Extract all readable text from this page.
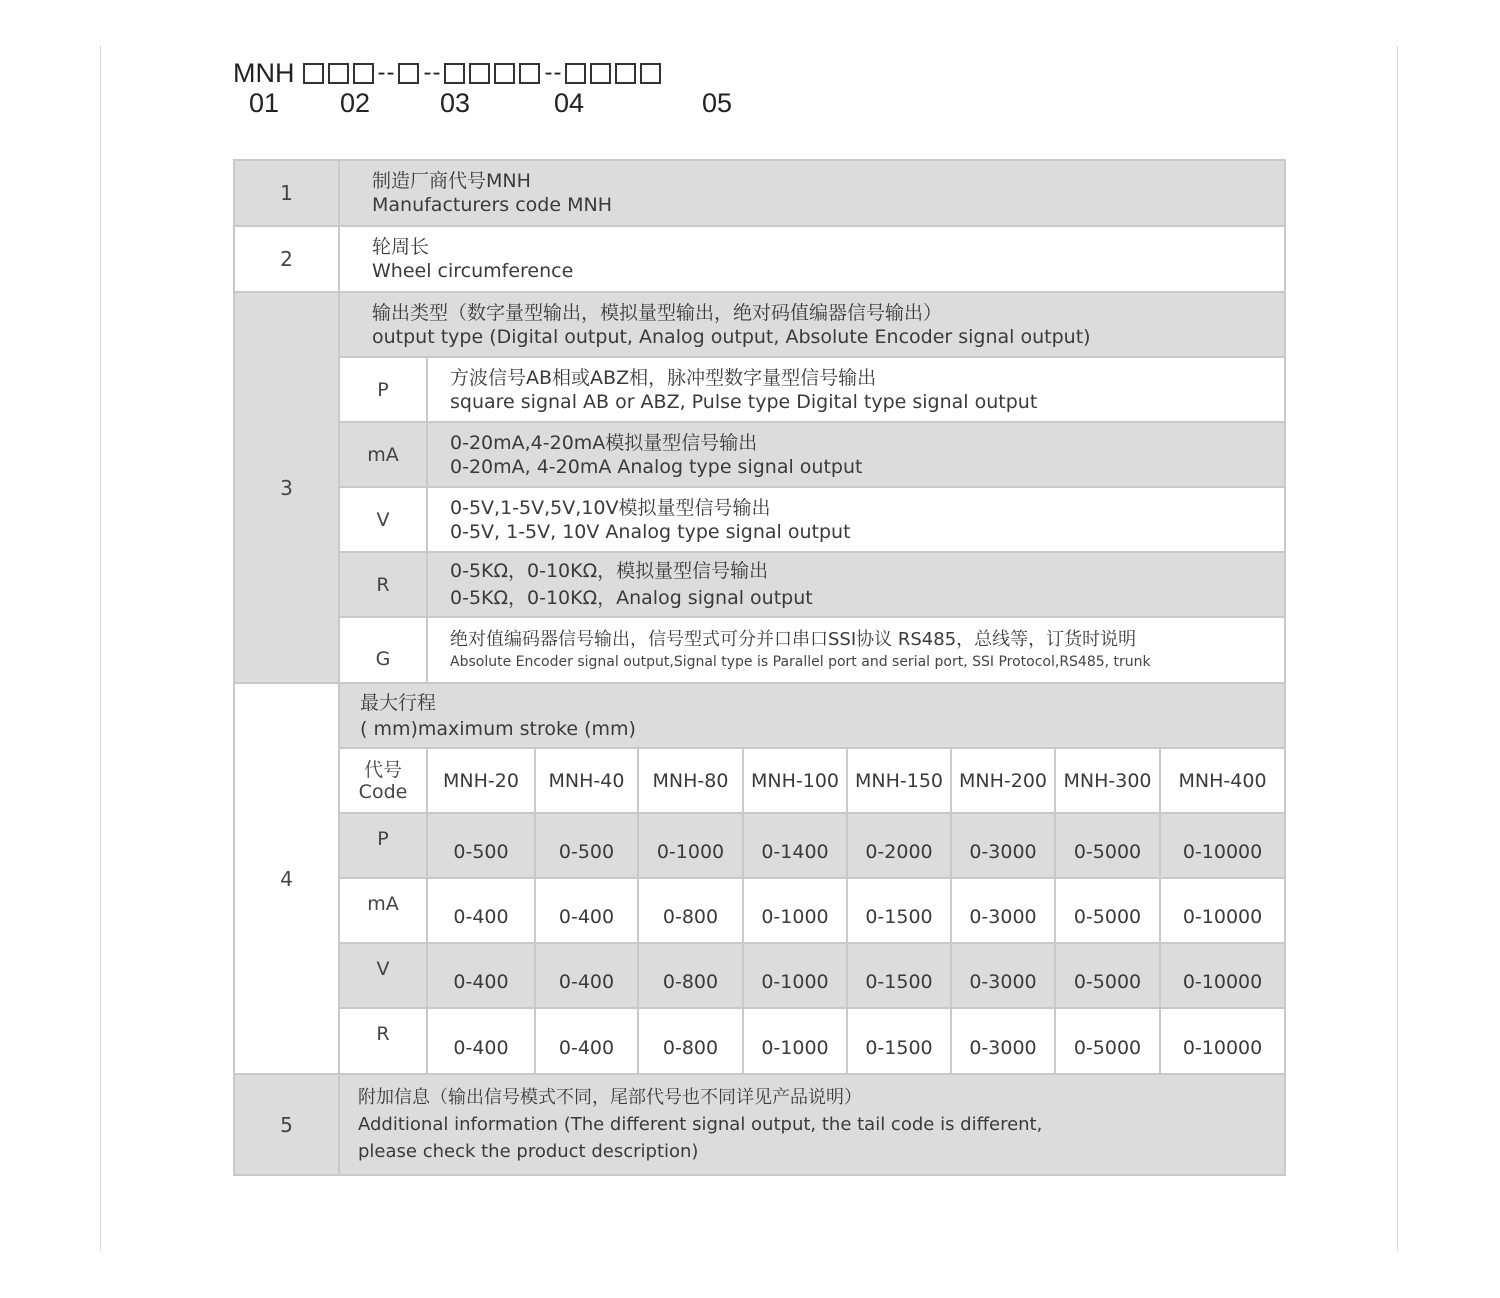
MNH	-- --	--
01 02	03	04	05
1	制造厂商代号MNH
Manufacturers code MNH								

2	轮周长
Wheel circumference								

3	输出类型（数字量型输出，模拟量型输出，绝对码值编器信号输出）
output type (Digital output, Analog output, Absolute Encoder signal output)								

	P	方波信号AB相或ABZ相，脉冲型数字量型信号输出
square signal AB or ABZ, Pulse type Digital type signal output							

	mA	0-20mA,4-20mA模拟量型信号输出
0-20mA, 4-20mA Analog type signal output							

	V	0-5V,1-5V,5V,10V模拟量型信号输出
0-5V, 1-5V, 10V Analog type signal output							

	R	0-5KΩ，0-10KΩ，模拟量型信号输出
0-5KΩ，0-10KΩ，Analog signal output							

	G	绝对值编码器信号输出，信号型式可分并口串口SSI协议 RS485，总线等，订货时说明
Absolute Encoder signal output,Signal type is Parallel port and serial port, SSI Protocol,RS485, trunk							

4	最大行程
( mm)maximum stroke (mm)								

	代号
Code	MNH-20	MNH-40	MNH-80	MNH-100	MNH-150	MNH-200	MNH-300	MNH-400
	P	0-500	0-500	0-1000	0-1400	0-2000	0-3000	0-5000	0-10000
	mA	0-400	0-400	0-800	0-1000	0-1500	0-3000	0-5000	0-10000
	V	0-400	0-400	0-800	0-1000	0-1500	0-3000	0-5000	0-10000
	R	0-400	0-400	0-800	0-1000	0-1500	0-3000	0-5000	0-10000
5	附加信息（输出信号模式不同，尾部代号也不同详见产品说明）
Additional information (The different signal output, the tail code is different,
please check the product description)								
